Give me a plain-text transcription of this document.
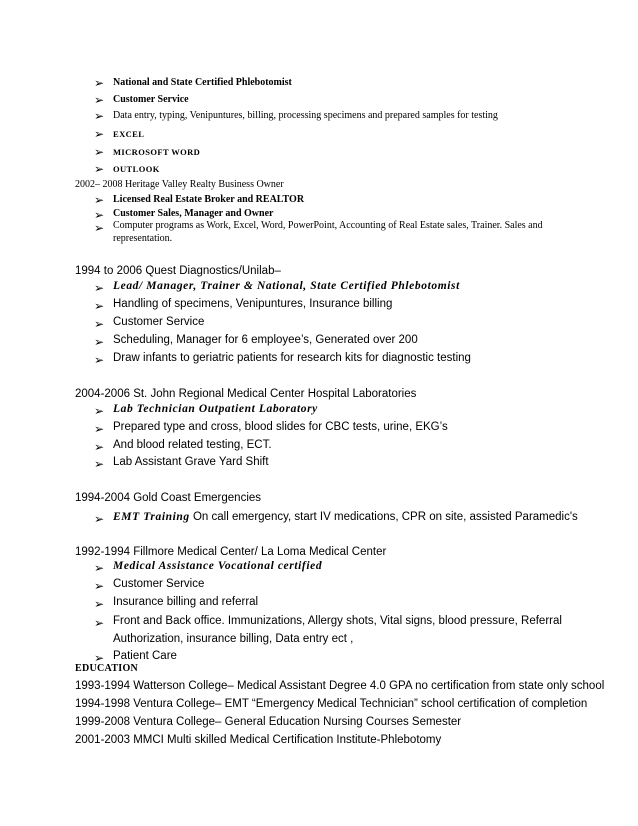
➢ National and State Certified Phlebotomist
➢ Customer Service
➢ Data entry, typing, Venipuntures, billing, processing specimens and prepared samples for testing
➢ EXCEL
➢ MICROSOFT WORD
➢ OUTLOOK
2002– 2008 Heritage Valley Realty Business Owner
➢ Licensed Real Estate Broker and REALTOR
➢ Customer Sales, Manager and Owner
➢ Computer programs as Work, Excel, Word, PowerPoint, Accounting of Real Estate sales, Trainer. Sales and
representation.
1994 to 2006 Quest Diagnostics/Unilab–
➢ Lead/ Manager, Trainer & National, State Certified Phlebotomist
➢ Handling of specimens, Venipuntures, Insurance billing
➢ Customer Service
➢ Scheduling, Manager for 6 employee’s, Generated over 200
➢ Draw infants to geriatric patients for research kits for diagnostic testing
2004-2006 St. John Regional Medical Center Hospital Laboratories
➢ Lab Technician Outpatient Laboratory
➢ Prepared type and cross, blood slides for CBC tests, urine, EKG’s
➢ And blood related testing, ECT.
➢ Lab Assistant Grave Yard Shift
1994-2004 Gold Coast Emergencies
➢ EMT Training On call emergency, start IV medications, CPR on site, assisted Paramedic's
1992-1994 Fillmore Medical Center/ La Loma Medical Center
➢ Medical Assistance Vocational certified
➢ Customer Service
➢ Insurance billing and referral
➢ Front and Back office. Immunizations, Allergy shots, Vital signs, blood pressure, Referral
Authorization, insurance billing, Data entry ect ,
➢ Patient Care
EDUCATION
1993-1994 Watterson College– Medical Assistant Degree 4.0 GPA no certification from state only school
1994-1998 Ventura College– EMT “Emergency Medical Technician” school certification of completion
1999-2008 Ventura College– General Education Nursing Courses Semester
2001-2003 MMCI Multi skilled Medical Certification Institute-Phlebotomy
